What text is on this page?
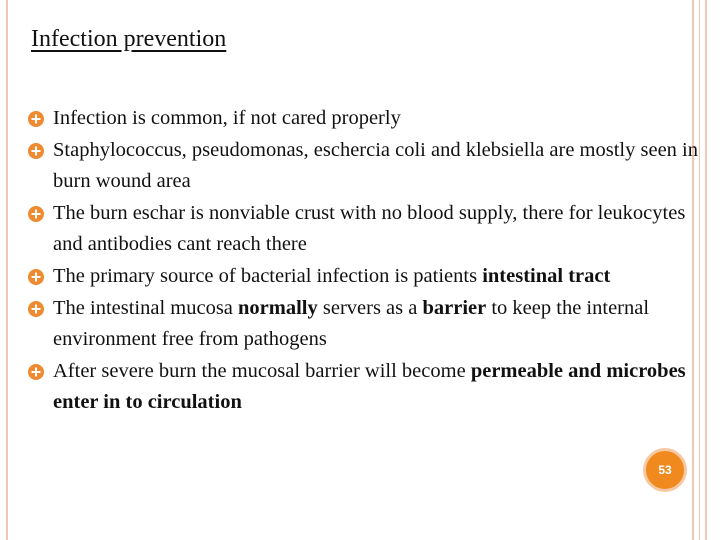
Infection prevention
Infection is common, if not cared properly
Staphylococcus, pseudomonas, eschercia coli and klebsiella are mostly seen in burn wound area
The burn eschar is nonviable crust with no blood supply, there for leukocytes and antibodies cant reach there
The primary source of bacterial infection is patients intestinal tract
The intestinal mucosa normally servers as a barrier to keep the internal environment free from pathogens
After severe burn the mucosal barrier will become permeable and microbes enter in to circulation
53
